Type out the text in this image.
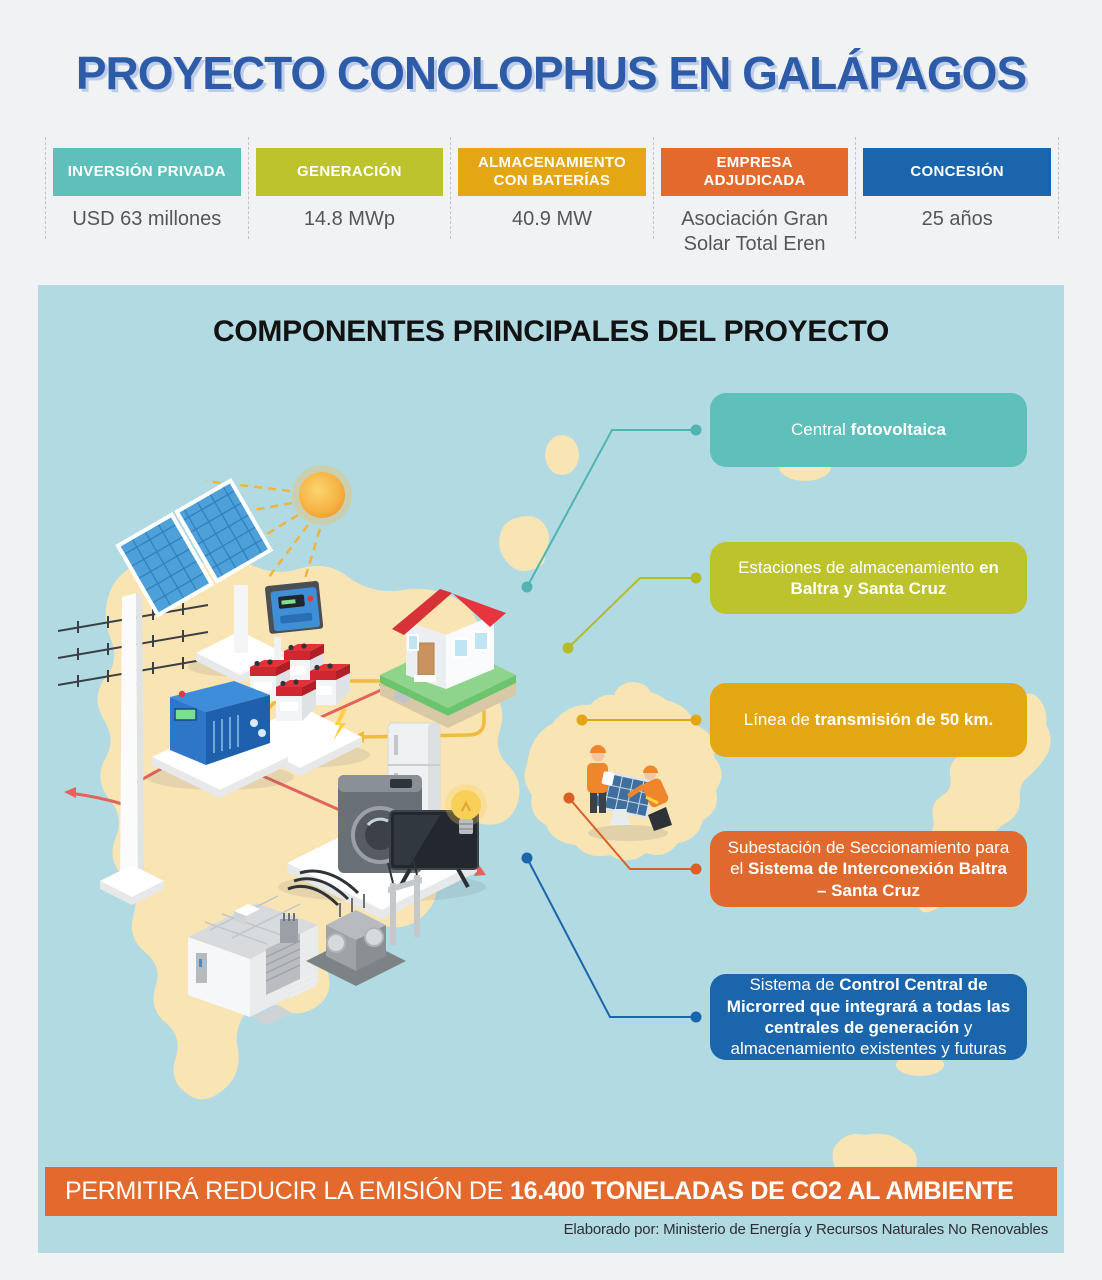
PROYECTO CONOLOPHUS EN GALÁPAGOS
INVERSIÓN PRIVADA
USD 63 millones
GENERACIÓN
14.8 MWp
ALMACENAMIENTO CON BATERÍAS
40.9 MW
EMPRESA ADJUDICADA
Asociación Gran Solar Total Eren
CONCESIÓN
25 años
COMPONENTES PRINCIPALES DEL PROYECTO
Central fotovoltaica
Estaciones de almacenamiento en Baltra y Santa Cruz
Línea de transmisión de 50 km.
Subestación de Seccionamiento para el Sistema de Interconexión Baltra – Santa Cruz
Sistema de Control Central de Microrred que integrará a todas las centrales de generación y almacenamiento existentes y futuras
PERMITIRÁ REDUCIR LA EMISIÓN DE 16.400 TONELADAS DE CO2 AL AMBIENTE
Elaborado por: Ministerio de Energía y Recursos Naturales No Renovables
